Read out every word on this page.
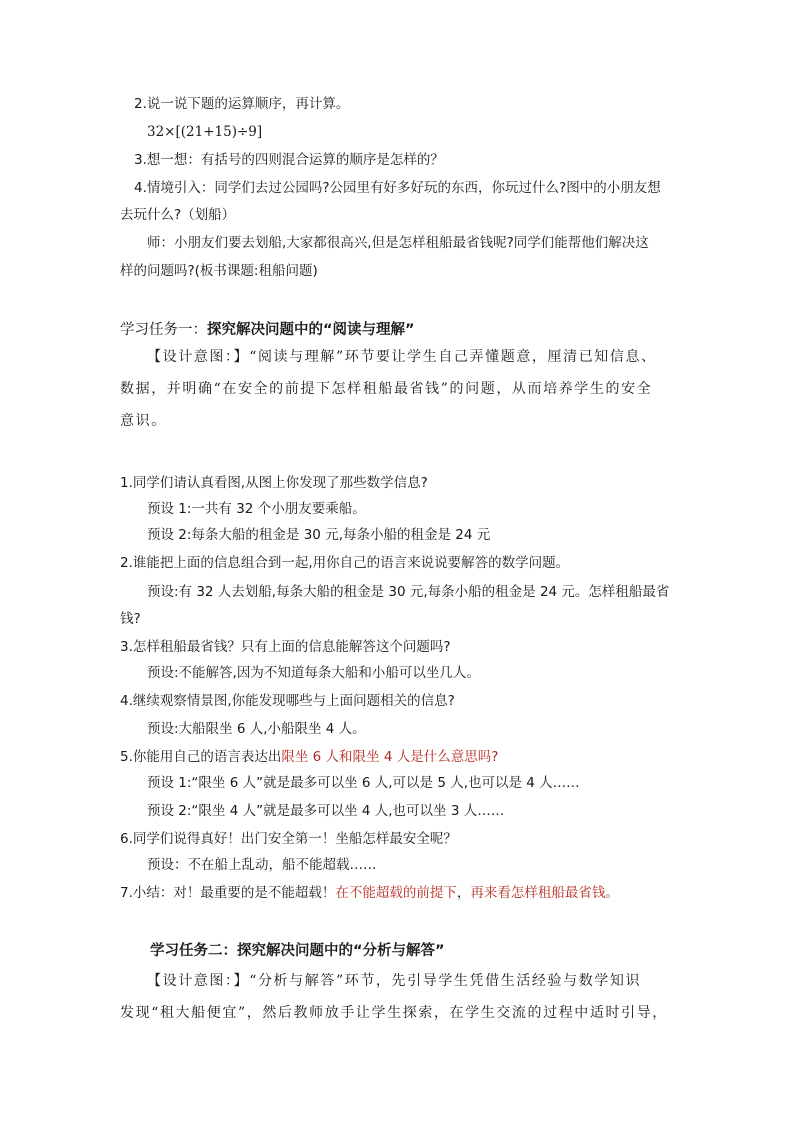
2.说一说下题的运算顺序，再计算。
32×[(21+15)÷9]
3.想一想：有括号的四则混合运算的顺序是怎样的？
4.情境引入：同学们去过公园吗?公园里有好多好玩的东西，你玩过什么?图中的小朋友想
去玩什么?（划船）
师：小朋友们要去划船,大家都很高兴,但是怎样租船最省钱呢?同学们能帮他们解决这
样的问题吗?(板书课题:租船问题)
学习任务一：探究解决问题中的“阅读与理解”
【设计意图：】“阅读与理解”环节要让学生自己弄懂题意，厘清已知信息、
数据，并明确“在安全的前提下怎样租船最省钱”的问题，从而培养学生的安全
意识。
1.同学们请认真看图,从图上你发现了那些数学信息?
预设 1:一共有 32 个小朋友要乘船。
预设 2:每条大船的租金是 30 元,每条小船的租金是 24 元
2.谁能把上面的信息组合到一起,用你自己的语言来说说要解答的数学问题。
预设:有 32 人去划船,每条大船的租金是 30 元,每条小船的租金是 24 元。怎样租船最省
钱?
3.怎样租船最省钱？只有上面的信息能解答这个问题吗?
预设:不能解答,因为不知道每条大船和小船可以坐几人。
4.继续观察情景图,你能发现哪些与上面问题相关的信息?
预设:大船限坐 6 人,小船限坐 4 人。
5.你能用自己的语言表达出限坐 6 人和限坐 4 人是什么意思吗?
预设 1:“限坐 6 人”就是最多可以坐 6 人,可以是 5 人,也可以是 4 人……
预设 2:“限坐 4 人”就是最多可以坐 4 人,也可以坐 3 人……
6.同学们说得真好！出门安全第一！坐船怎样最安全呢？
预设：不在船上乱动，船不能超载……
7.小结：对！最重要的是不能超载！在不能超载的前提下，再来看怎样租船最省钱。
学习任务二：探究解决问题中的“分析与解答”
【设计意图：】“分析与解答”环节，先引导学生凭借生活经验与数学知识
发现“租大船便宜”，然后教师放手让学生探索，在学生交流的过程中适时引导，
